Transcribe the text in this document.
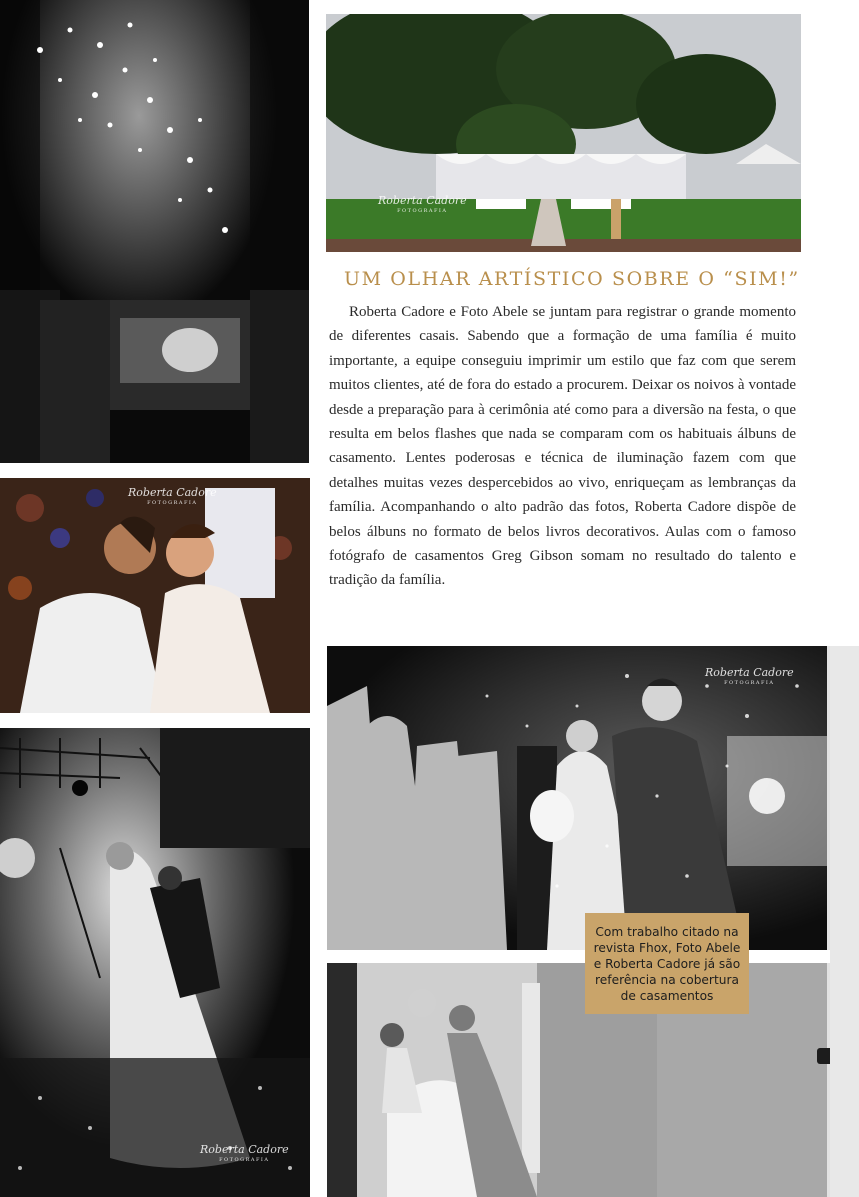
Roberta Cadore
FOTOGRAFIA
Roberta Cadore
FOTOGRAFIA
Roberta Cadore
FOTOGRAFIA
UM OLHAR ARTÍSTICO SOBRE O “SIM!”

Roberta Cadore e Foto Abele se juntam para registrar o grande momento de diferentes casais. Sabendo que a formação de uma família é muito importante, a equipe conseguiu imprimir um estilo que faz com que serem muitos clientes, até de fora do estado a procurem. Deixar os noivos à vontade desde a preparação para à cerimônia até como para a diversão na festa, o que resulta em belos flashes que nada se comparam com os habituais álbuns de casamento. Lentes poderosas e técnica de iluminação fazem com que detalhes muitas vezes despercebidos ao vivo, enriqueçam as lembranças da família. Acompanhando o alto padrão das fotos, Roberta Cadore dispõe de belos álbuns no formato de belos livros decorativos. Aulas com o famoso fotógrafo de casamentos Greg Gibson somam no resultado do talento e tradição da família.

Roberta Cadore
FOTOGRAFIA

Com trabalho citado na revista Fhox, Foto Abele e Roberta Cadore já são referência na cobertura de casamentos
